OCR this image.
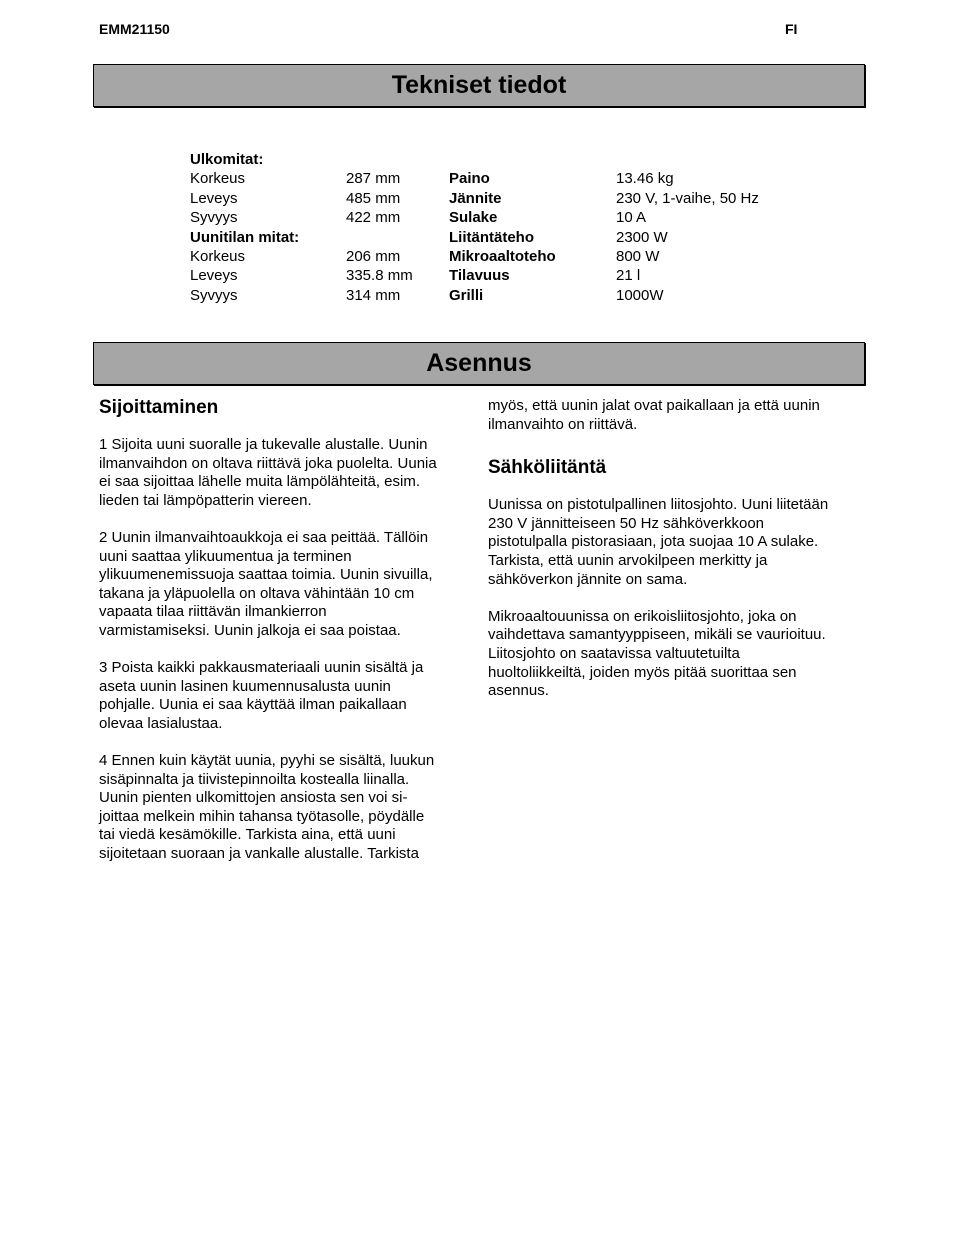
EMM21150	FI
Tekniset tiedot
Ulkomitat:
Korkeus	287 mm	Paino	13.46 kg
Leveys	485 mm	Jännite	230 V, 1-vaihe, 50 Hz
Syvyys	422 mm	Sulake	10 A
Uunitilan mitat:	Liitäntäteho	2300 W
Korkeus	206 mm	Mikroaaltoteho	800 W
Leveys	335.8 mm Tilavuus	21 l
Syvyys	314 mm	Grilli	1000W
Asennus
Sijoittaminen

1 Sijoita uuni suoralle ja tukevalle alustalle. Uunin
ilmanvaihdon on oltava riittävä joka puolelta. Uunia
ei saa sijoittaa lähelle muita lämpölähteitä, esim.
lieden tai lämpöpatterin viereen.

2 Uunin ilmanvaihtoaukkoja ei saa peittää. Tällöin
uuni saattaa ylikuumentua ja terminen
ylikuumenemissuoja saattaa toimia. Uunin sivuilla,
takana ja yläpuolella on oltava vähintään 10 cm
vapaata tilaa riittävän ilmankierron
varmistamiseksi. Uunin jalkoja ei saa poistaa.

3 Poista kaikki pakkausmateriaali uunin sisältä ja
aseta uunin lasinen kuumennusalusta uunin
pohjalle. Uunia ei saa käyttää ilman paikallaan
olevaa lasialustaa.

4 Ennen kuin käytät uunia, pyyhi se sisältä, luukun
sisäpinnalta ja tiivistepinnoilta kostealla liinalla.
Uunin pienten ulkomittojen ansiosta sen voi si-
joittaa melkein mihin tahansa työtasolle, pöydälle
tai viedä kesämökille. Tarkista aina, että uuni
sijoitetaan suoraan ja vankalle alustalle. Tarkista

myös, että uunin jalat ovat paikallaan ja että uunin
ilmanvaihto on riittävä.

Sähköliitäntä

Uunissa on pistotulpallinen liitosjohto. Uuni liitetään
230 V jännitteiseen 50 Hz sähköverkkoon
pistotulpalla pistorasiaan, jota suojaa 10 A sulake.
Tarkista, että uunin arvokilpeen merkitty ja
sähköverkon jännite on sama.

Mikroaaltouunissa on erikoisliitosjohto, joka on
vaihdettava samantyyppiseen, mikäli se vaurioituu.
Liitosjohto on saatavissa valtuutetuilta
huoltoliikkeiltä, joiden myös pitää suorittaa sen
asennus.
